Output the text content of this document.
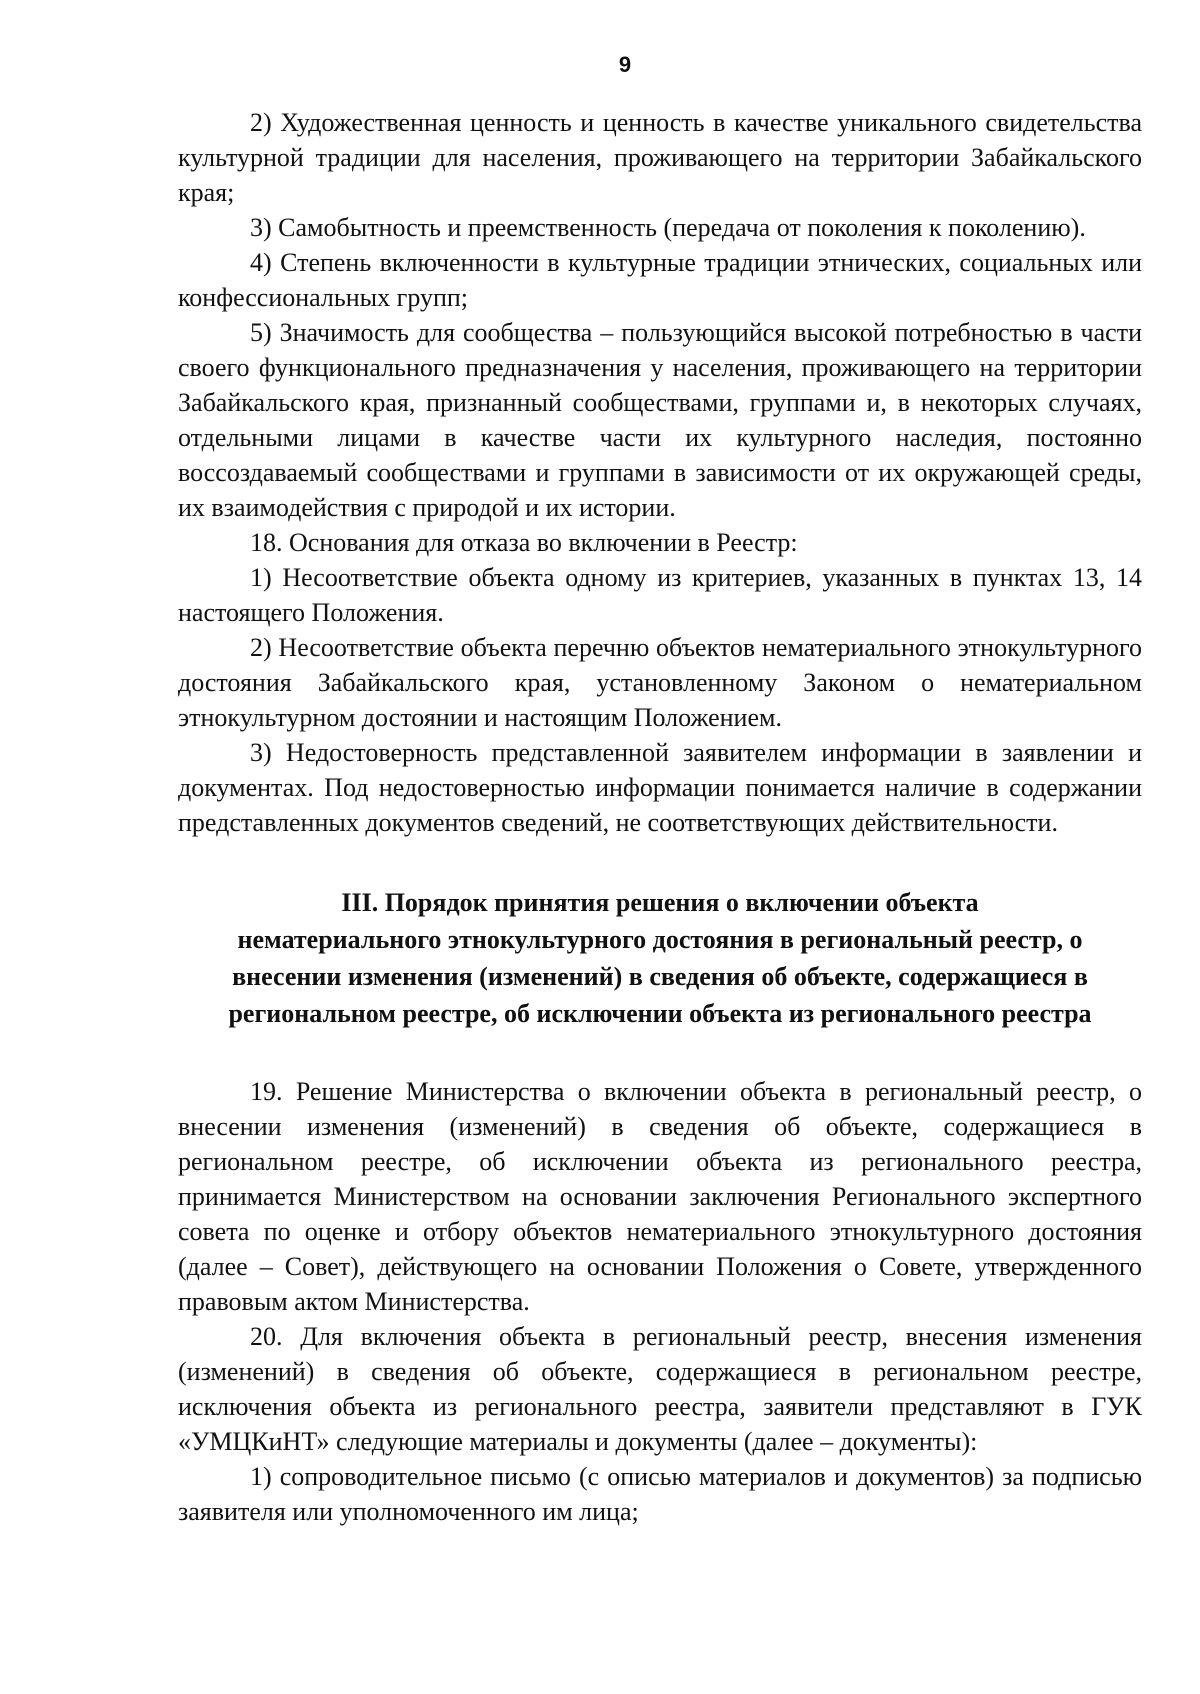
9

2) Художественная ценность и ценность в качестве уникального свидетельства культурной традиции для населения, проживающего на территории Забайкальского края;

3) Самобытность и преемственность (передача от поколения к поколению).

4) Степень включенности в культурные традиции этнических, социальных или конфессиональных групп;

5) Значимость для сообщества – пользующийся высокой потребностью в части своего функционального предназначения у населения, проживающего на территории Забайкальского края, признанный сообществами, группами и, в некоторых случаях, отдельными лицами в качестве части их культурного наследия, постоянно воссоздаваемый сообществами и группами в зависимости от их окружающей среды, их взаимодействия с природой и их истории.

18. Основания для отказа во включении в Реестр:

1) Несоответствие объекта одному из критериев, указанных в пунктах 13, 14 настоящего Положения.

2) Несоответствие объекта перечню объектов нематериального этнокультурного достояния Забайкальского края, установленному Законом о нематериальном этнокультурном достоянии и настоящим Положением.

3) Недостоверность представленной заявителем информации в заявлении и документах. Под недостоверностью информации понимается наличие в содержании представленных документов сведений, не соответствующих действительности.

III. Порядок принятия решения о включении объекта
нематериального этнокультурного достояния в региональный реестр, о
внесении изменения (изменений) в сведения об объекте, содержащиеся в
региональном реестре, об исключении объекта из регионального реестра

19. Решение Министерства о включении объекта в региональный реестр, о внесении изменения (изменений) в сведения об объекте, содержащиеся в региональном реестре, об исключении объекта из регионального реестра, принимается Министерством на основании заключения Регионального экспертного совета по оценке и отбору объектов нематериального этнокультурного достояния (далее – Совет), действующего на основании Положения о Совете, утвержденного правовым актом Министерства.

20. Для включения объекта в региональный реестр, внесения изменения (изменений) в сведения об объекте, содержащиеся в региональном реестре, исключения объекта из регионального реестра, заявители представляют в ГУК «УМЦКиНТ» следующие материалы и документы (далее – документы):

1) сопроводительное письмо (с описью материалов и документов) за подписью заявителя или уполномоченного им лица;
